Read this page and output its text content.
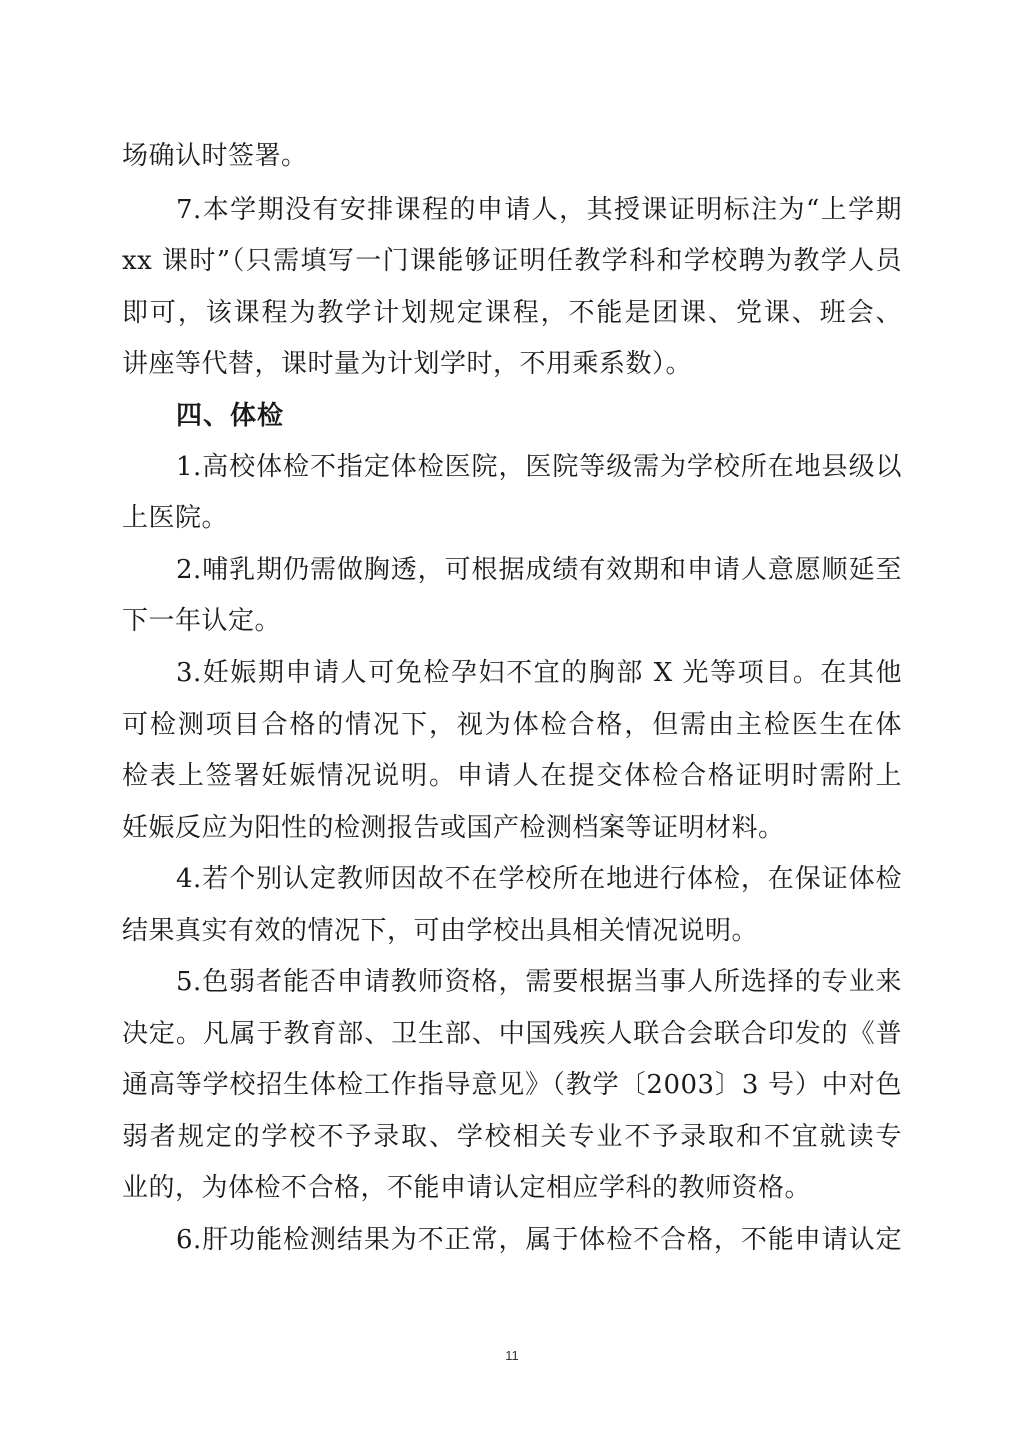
场确认时签署。
7.本学期没有安排课程的申请人，其授课证明标注为“上学期
xx 课时”（只需填写一门课能够证明任教学科和学校聘为教学人员
即可，该课程为教学计划规定课程，不能是团课、党课、班会、
讲座等代替，课时量为计划学时，不用乘系数）。
四、体检
1.高校体检不指定体检医院，医院等级需为学校所在地县级以
上医院。
2.哺乳期仍需做胸透，可根据成绩有效期和申请人意愿顺延至
下一年认定。
3.妊娠期申请人可免检孕妇不宜的胸部 X 光等项目。在其他
可检测项目合格的情况下，视为体检合格，但需由主检医生在体
检表上签署妊娠情况说明。申请人在提交体检合格证明时需附上
妊娠反应为阳性的检测报告或国产检测档案等证明材料。
4.若个别认定教师因故不在学校所在地进行体检，在保证体检
结果真实有效的情况下，可由学校出具相关情况说明。
5.色弱者能否申请教师资格，需要根据当事人所选择的专业来
决定。凡属于教育部、卫生部、中国残疾人联合会联合印发的《普
通高等学校招生体检工作指导意见》（教学〔2003〕3 号）中对色
弱者规定的学校不予录取、学校相关专业不予录取和不宜就读专
业的，为体检不合格，不能申请认定相应学科的教师资格。
6.肝功能检测结果为不正常，属于体检不合格，不能申请认定
11
